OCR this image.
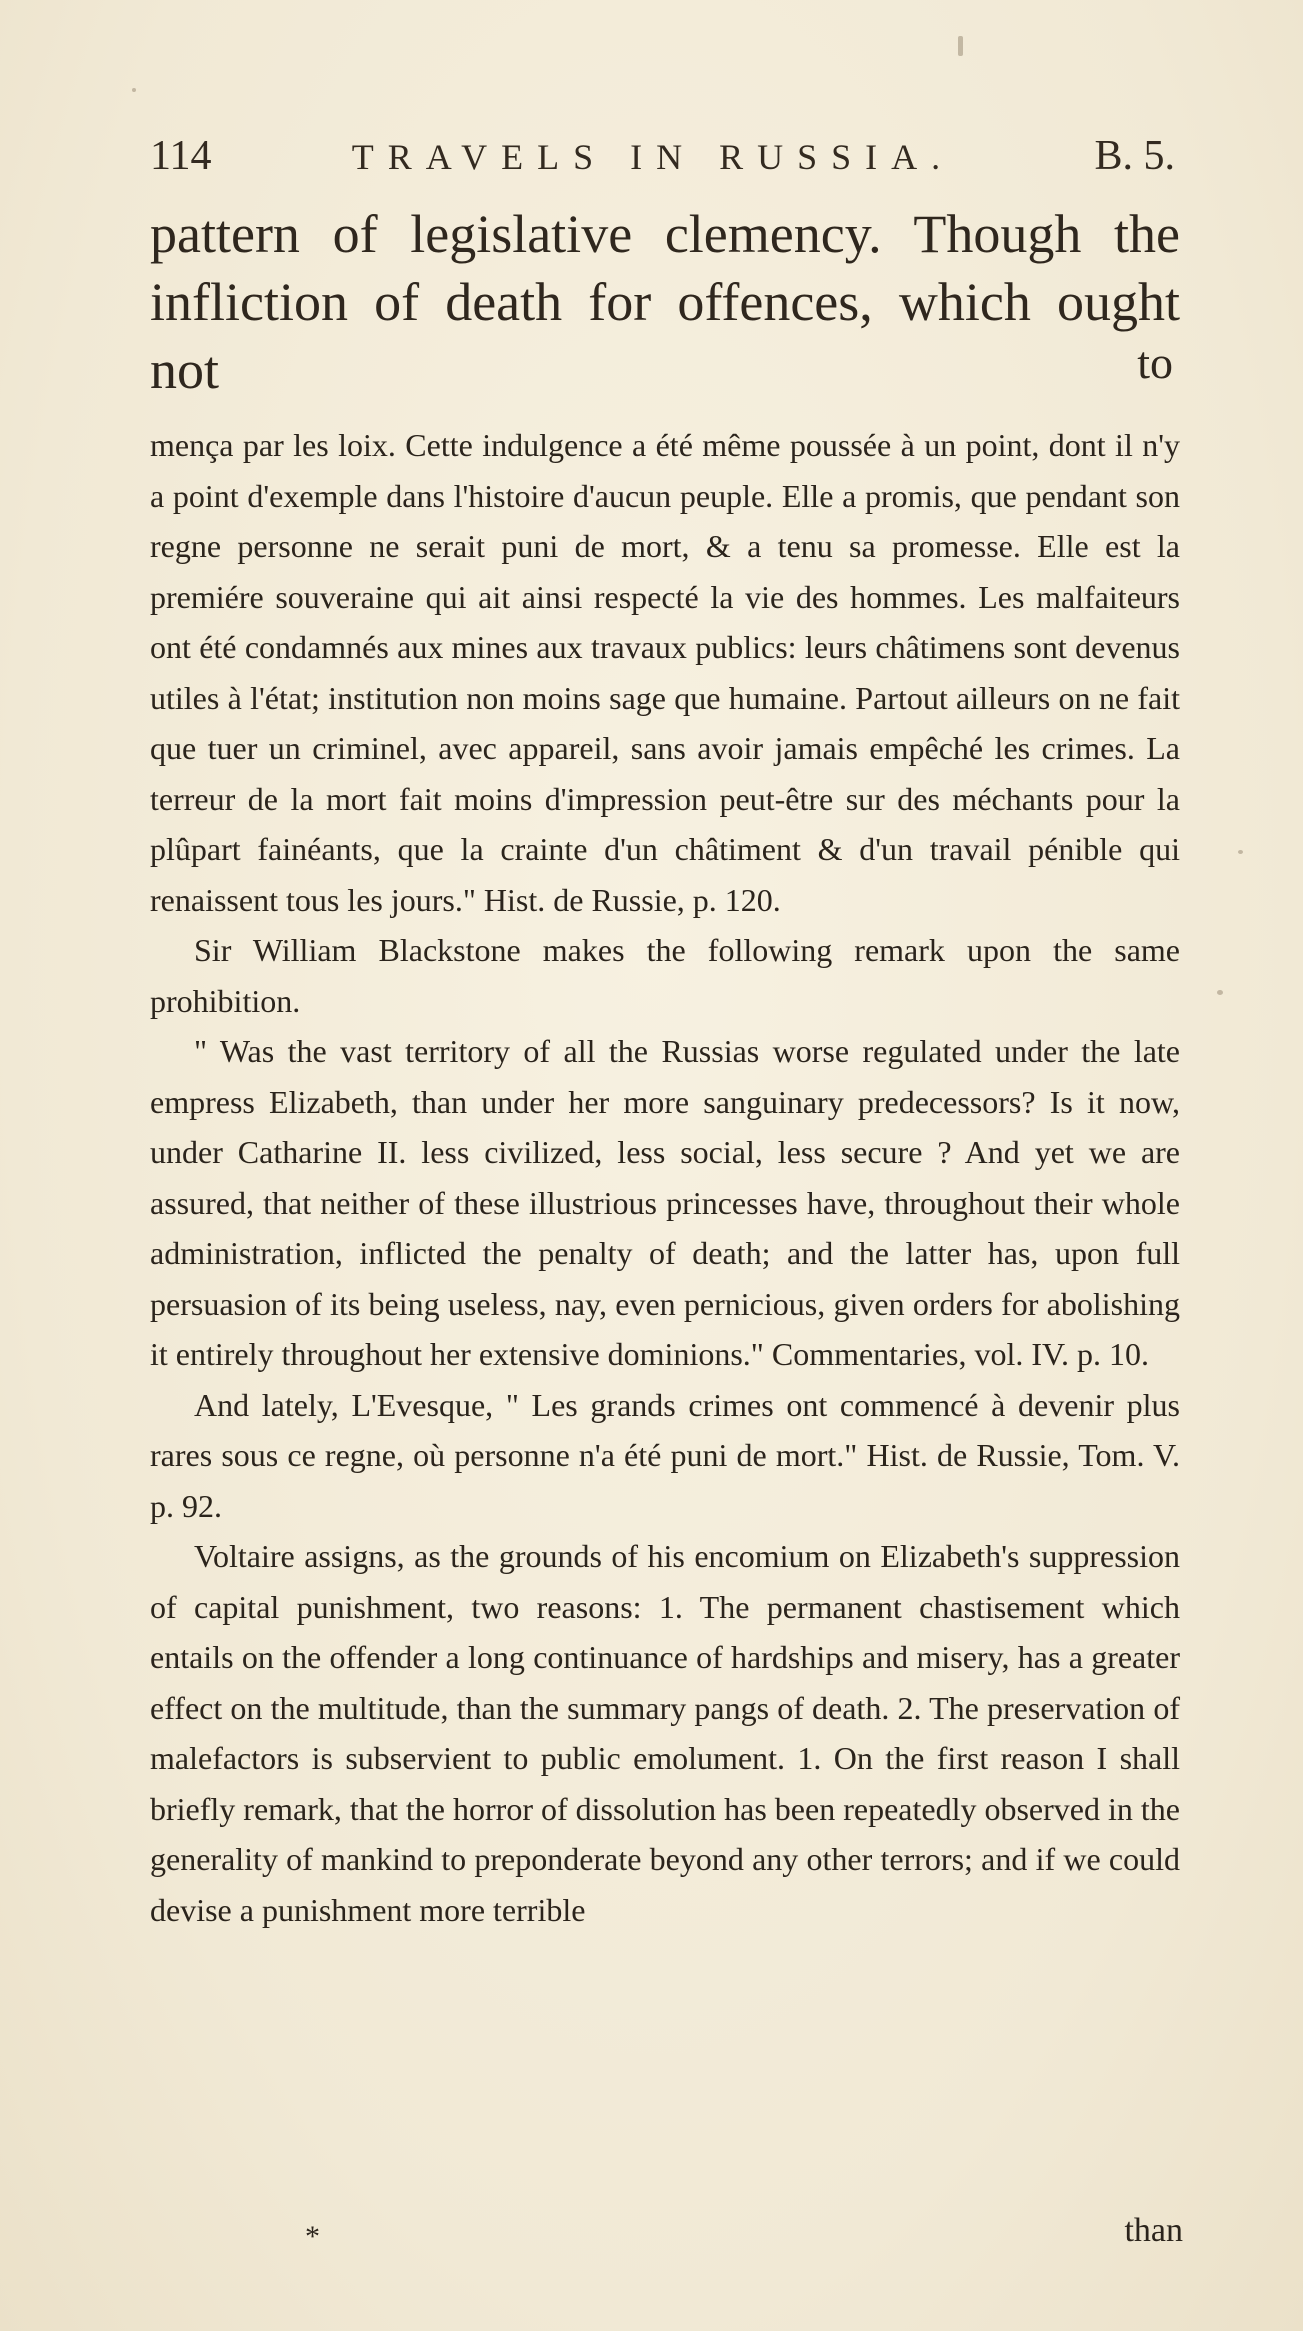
114	TRAVELS IN RUSSIA.	B. 5.

pattern of legislative clemency. Though the infliction of death for offences, which ought not	to

mença par les loix. Cette indulgence a été même poussée à un point, dont il n'y a point d'exemple dans l'histoire d'aucun peuple. Elle a promis, que pendant son regne personne ne serait puni de mort, & a tenu sa promesse. Elle est la premiére souveraine qui ait ainsi respecté la vie des hommes. Les malfaiteurs ont été condamnés aux mines aux travaux publics: leurs châtimens sont devenus utiles à l'état; institution non moins sage que humaine. Partout ailleurs on ne fait que tuer un criminel, avec appareil, sans avoir jamais empêché les crimes. La terreur de la mort fait moins d'impression peut-être sur des méchants pour la plûpart fainéants, que la crainte d'un châtiment & d'un travail pénible qui renaissent tous les jours." Hist. de Russie, p. 120.

Sir William Blackstone makes the following remark upon the same prohibition.

" Was the vast territory of all the Russias worse regulated under the late empress Elizabeth, than under her more sanguinary predecessors? Is it now, under Catharine II. less civilized, less social, less secure ? And yet we are assured, that neither of these illustrious princesses have, throughout their whole administration, inflicted the penalty of death; and the latter has, upon full persuasion of its being useless, nay, even pernicious, given orders for abolishing it entirely throughout her extensive dominions." Commentaries, vol. IV. p. 10.

And lately, L'Evesque, " Les grands crimes ont commencé à devenir plus rares sous ce regne, où personne n'a été puni de mort." Hist. de Russie, Tom. V. p. 92.

Voltaire assigns, as the grounds of his encomium on Elizabeth's suppression of capital punishment, two reasons: 1. The permanent chastisement which entails on the offender a long continuance of hardships and misery, has a greater effect on the multitude, than the summary pangs of death. 2. The preservation of malefactors is subservient to public emolument. 1. On the first reason I shall briefly remark, that the horror of dissolution has been repeatedly observed in the generality of mankind to preponderate beyond any other terrors; and if we could devise a punishment more terrible

*	than
